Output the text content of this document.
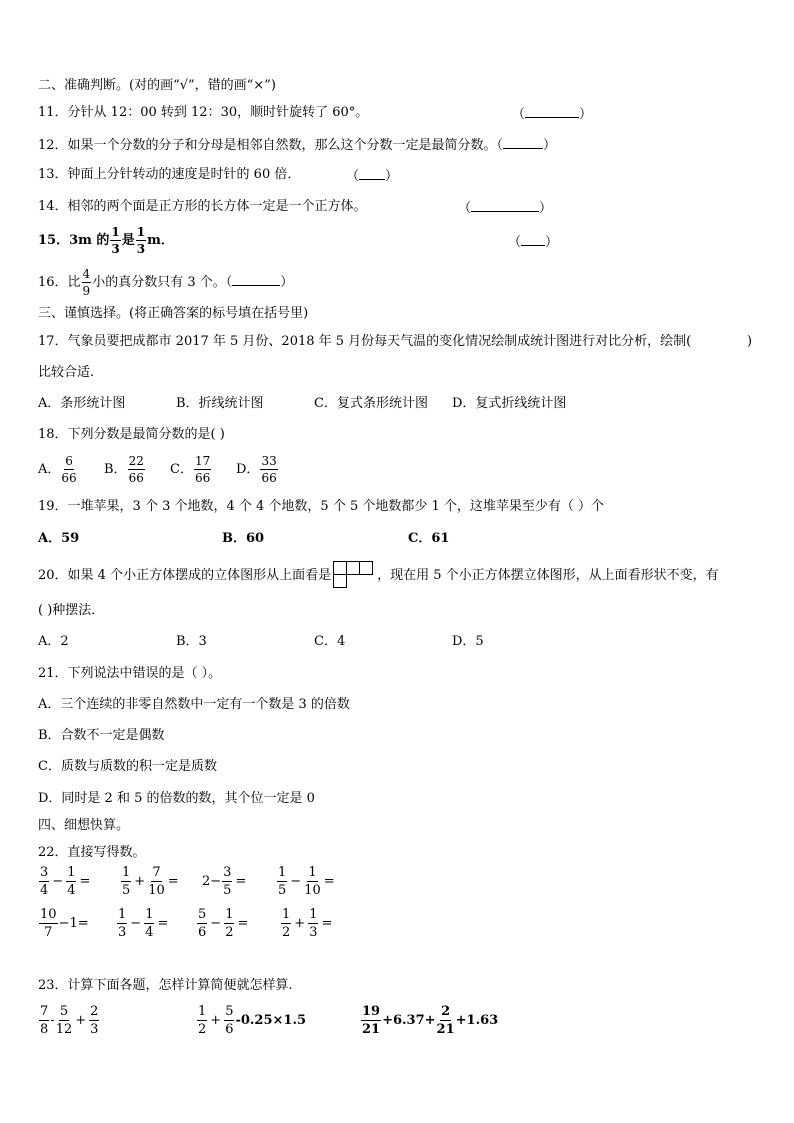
二、准确判断。(对的画“√”，错的画“×”)
11．分针从 12：00 转到 12：30，顺时针旋转了 60°。	（	）
12．如果一个分数的分子和分母是相邻自然数，那么这个分数一定是最简分数。（	）
13．钟面上分针转动的速度是时针的 60 倍．	（ ）
14．相邻的两个面是正方形的长方体一定是一个正方体。	（	）
15．3m 的 $\frac{1}{3}$ 是 $\frac{1}{3}$ m．	（ ）
16．比 $\frac{4}{9}$ 小的真分数只有 3 个。（	）
三、谨慎选择。(将正确答案的标号填在括号里)
17．气象员要把成都市 2017 年 5 月份、2018 年 5 月份每天气温的变化情况绘制成统计图进行对比分析，绘制(	)
比较合适.
A．条形统计图	B．折线统计图	C．复式条形统计图 D．复式折线统计图
18．下列分数是最简分数的是( )
A． $\frac{6}{66}$ B． $\frac{22}{66}$ C． $\frac{17}{66}$ D． $\frac{33}{66}$
19．一堆苹果，3 个 3 个地数，4 个 4 个地数，5 个 5 个地数都少 1 个，这堆苹果至少有（ ）个
A．59	B．60	C．61
20．如果 4 个小正方体摆成的立体图形从上面看是	，现在用 5 个小正方体摆立体图形，从上面看形状不变，有
( )种摆法．
A．2	B．3	C．4	D．5
21．下列说法中错误的是（ ）。
A．三个连续的非零自然数中一定有一个数是 3 的倍数
B．合数不一定是偶数
C．质数与质数的积一定是质数
D．同时是 2 和 5 的倍数的数，其个位一定是 0
四、细想快算。
22．直接写得数。
$\frac{3}{4} - \frac{1}{4} = \frac{1}{5} + \frac{7}{10} = 2- \frac{3}{5} = \frac{1}{5} - \frac{1}{10}$ =
$\frac{10}{7} -1= \frac{1}{3} - \frac{1}{4} = \frac{5}{6} - \frac{1}{2}$ =	$\frac{1}{2} + \frac{1}{3}$ =
23．计算下面各题，怎样计算简便就怎样算.
$\frac{7}{8} - \frac{5}{12} + \frac{2}{3}$	$\frac{1}{2} + \frac{5}{6} -0.25\times 1.5$	$\frac{19}{21} +6.37+ \frac{2}{21} +1.63$
